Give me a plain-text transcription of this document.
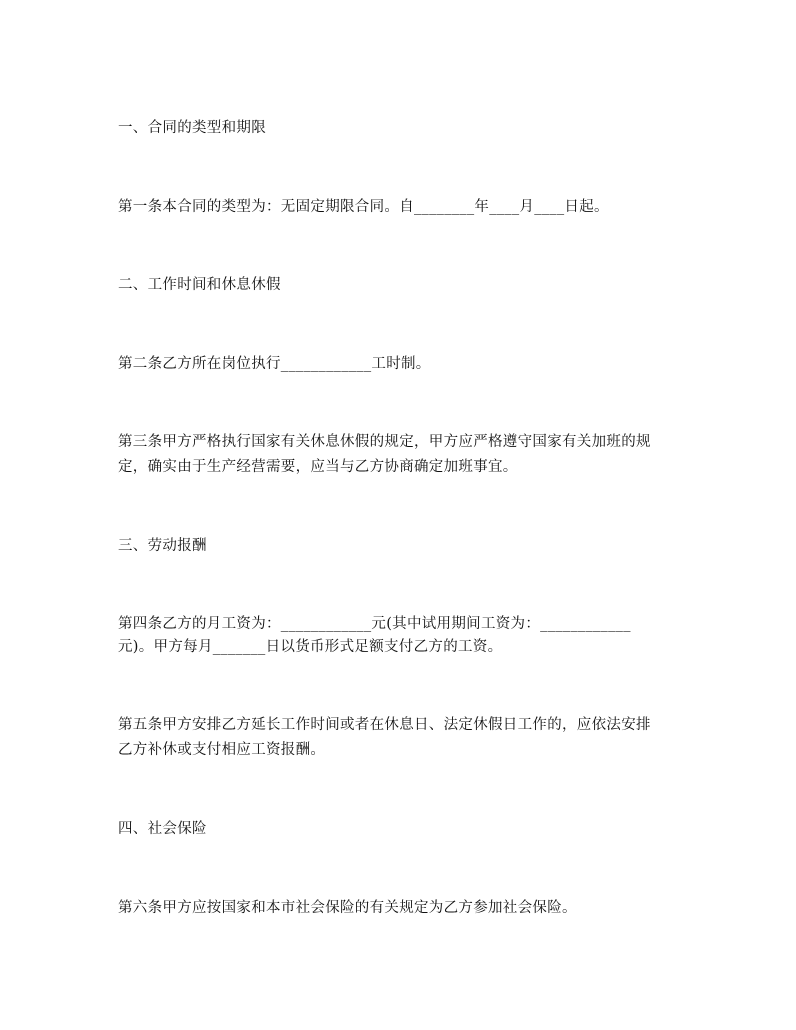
一、合同的类型和期限
第一条本合同的类型为：无固定期限合同。自________年____月____日起。
二、工作时间和休息休假
第二条乙方所在岗位执行____________工时制。
第三条甲方严格执行国家有关休息休假的规定，甲方应严格遵守国家有关加班的规
定，确实由于生产经营需要，应当与乙方协商确定加班事宜。
三、劳动报酬
第四条乙方的月工资为：____________元(其中试用期间工资为：____________
元)。甲方每月_______日以货币形式足额支付乙方的工资。
第五条甲方安排乙方延长工作时间或者在休息日、法定休假日工作的，应依法安排
乙方补休或支付相应工资报酬。
四、社会保险
第六条甲方应按国家和本市社会保险的有关规定为乙方参加社会保险。
